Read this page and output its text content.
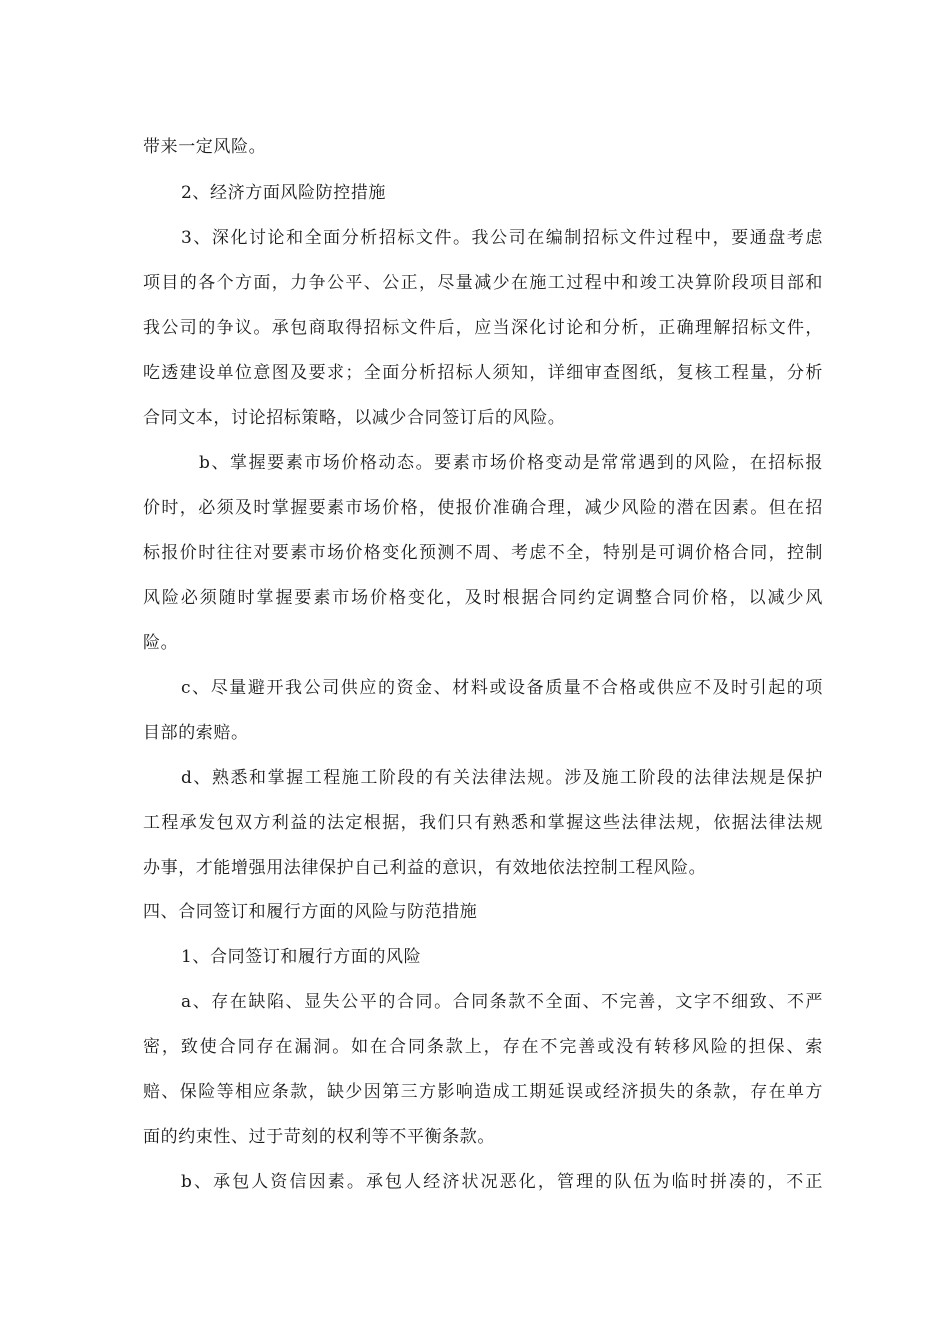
带来一定风险。
2、经济方面风险防控措施
3、深化讨论和全面分析招标文件。我公司在编制招标文件过程中，要通盘考虑
项目的各个方面，力争公平、公正，尽量减少在施工过程中和竣工决算阶段项目部和
我公司的争议。承包商取得招标文件后，应当深化讨论和分析，正确理解招标文件，
吃透建设单位意图及要求；全面分析招标人须知，详细审查图纸，复核工程量，分析
合同文本，讨论招标策略，以减少合同签订后的风险。
b、掌握要素市场价格动态。要素市场价格变动是常常遇到的风险，在招标报
价时，必须及时掌握要素市场价格，使报价准确合理，减少风险的潜在因素。但在招
标报价时往往对要素市场价格变化预测不周、考虑不全，特别是可调价格合同，控制
风险必须随时掌握要素市场价格变化，及时根据合同约定调整合同价格，以减少风
险。
c、尽量避开我公司供应的资金、材料或设备质量不合格或供应不及时引起的项
目部的索赔。
d、熟悉和掌握工程施工阶段的有关法律法规。涉及施工阶段的法律法规是保护
工程承发包双方利益的法定根据，我们只有熟悉和掌握这些法律法规，依据法律法规
办事，才能增强用法律保护自己利益的意识，有效地依法控制工程风险。
四、合同签订和履行方面的风险与防范措施
1、合同签订和履行方面的风险
a、存在缺陷、显失公平的合同。合同条款不全面、不完善，文字不细致、不严
密，致使合同存在漏洞。如在合同条款上，存在不完善或没有转移风险的担保、索
赔、保险等相应条款，缺少因第三方影响造成工期延误或经济损失的条款，存在单方
面的约束性、过于苛刻的权利等不平衡条款。
b、承包人资信因素。承包人经济状况恶化，管理的队伍为临时拼凑的，不正
